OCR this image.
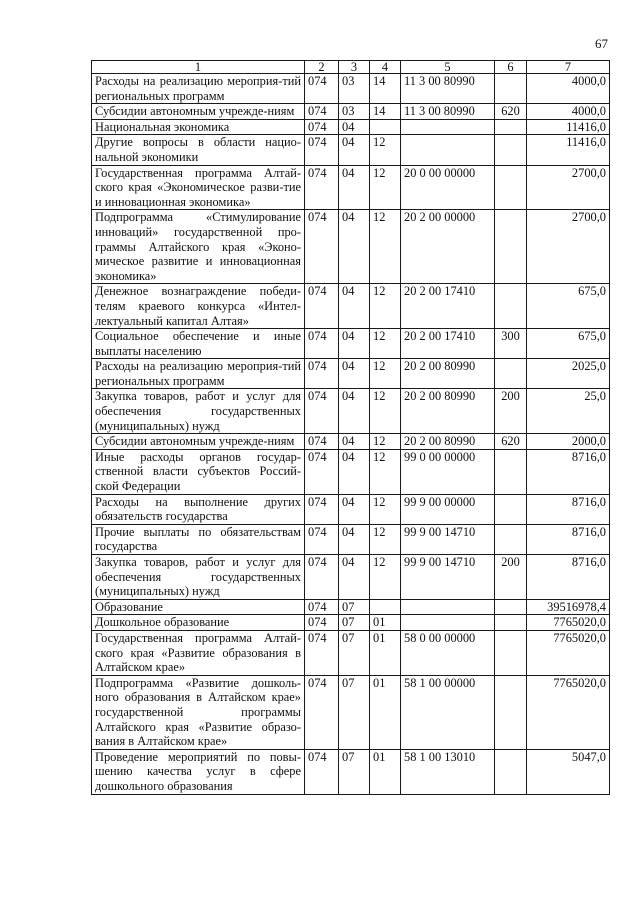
67
1	2	3	4	5	6	7
Расходы на реализацию мероприя-тий региональных программ	074	03	14	11 3 00 80990		4000,0
Субсидии автономным учрежде-ниям	074	03	14	11 3 00 80990	620	4000,0
Национальная экономика	074	04				11416,0
Другие вопросы в области нацио-нальной экономики	074	04	12			11416,0
Государственная программа Алтай-ского края «Экономическое разви-тие и инновационная экономика»	074	04	12	20 0 00 00000		2700,0
Подпрограмма «Стимулирование инноваций» государственной про-граммы Алтайского края «Эконо-мическое развитие и инновационная экономика»	074	04	12	20 2 00 00000		2700,0
Денежное вознаграждение победи-телям краевого конкурса «Интел-лектуальный капитал Алтая»	074	04	12	20 2 00 17410		675,0
Социальное обеспечение и иные выплаты населению	074	04	12	20 2 00 17410	300	675,0
Расходы на реализацию мероприя-тий региональных программ	074	04	12	20 2 00 80990		2025,0
Закупка товаров, работ и услуг для обеспечения государственных (муниципальных) нужд	074	04	12	20 2 00 80990	200	25,0
Субсидии автономным учрежде-ниям	074	04	12	20 2 00 80990	620	2000,0
Иные расходы органов государ-ственной власти субъектов Россий-ской Федерации	074	04	12	99 0 00 00000		8716,0
Расходы на выполнение других обязательств государства	074	04	12	99 9 00 00000		8716,0
Прочие выплаты по обязательствам государства	074	04	12	99 9 00 14710		8716,0
Закупка товаров, работ и услуг для обеспечения государственных (муниципальных) нужд	074	04	12	99 9 00 14710	200	8716,0
Образование	074	07				39516978,4
Дошкольное образование	074	07	01			7765020,0
Государственная программа Алтай-ского края «Развитие образования в Алтайском крае»	074	07	01	58 0 00 00000		7765020,0
Подпрограмма «Развитие дошколь-ного образования в Алтайском крае» государственной программы Алтайского края «Развитие образо-вания в Алтайском крае»	074	07	01	58 1 00 00000		7765020,0
Проведение мероприятий по повы-шению качества услуг в сфере дошкольного образования	074	07	01	58 1 00 13010		5047,0
